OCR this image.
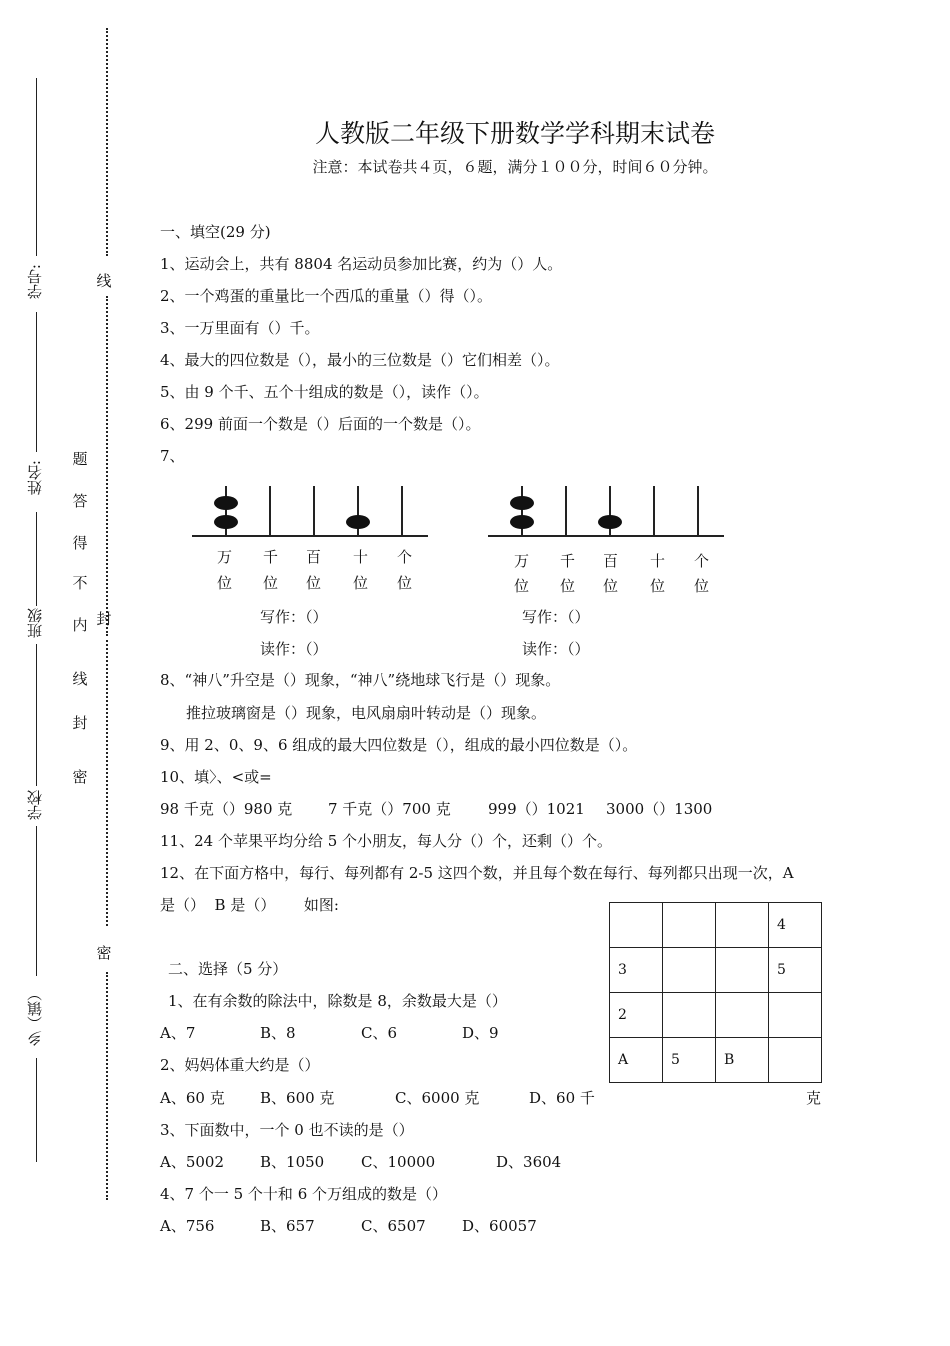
学号:
姓名:
班级
学校
乡（镇）
线
密
题
答
得
不
内 封
线
封
密
人教版二年级下册数学学科期末试卷
注意：本试卷共４页，６题，满分１００分，时间６０分钟。
一、填空(29 分)
1、运动会上，共有 8804 名运动员参加比赛，约为（）人。
2、一个鸡蛋的重量比一个西瓜的重量（）得（）。
3、一万里面有（）千。
4、最大的四位数是（），最小的三位数是（）它们相差（）。
5、由 9 个千、五个十组成的数是（），读作（）。
6、299 前面一个数是（）后面的一个数是（）。
7、
万 千 百 十 个
位 位 位 位 位
写作：（）
读作：（）
万 千 百 十 个
位 位 位 位 位
写作：（）
读作：（）
8、“神八”升空是（）现象，“神八”绕地球飞行是（）现象。
推拉玻璃窗是（）现象，电风扇扇叶转动是（）现象。
9、用 2、0、9、6 组成的最大四位数是（），组成的最小四位数是（）。
10、填〉、<或=
98 千克（）980 克 7 千克（）700 克 999（）1021 3000（）1300
11、24 个苹果平均分给 5 个小朋友，每人分（）个，还剩（）个。
12、在下面方格中，每行、每列都有 2-5 这四个数，并且每个数在每行、每列都只出现一次，A
是（）  B 是（）      如图:
			4
3			5
2			
A	5	B	
二、选择（5 分）
1、在有余数的除法中，除数是 8，余数最大是（）
A、7	B、8	C、6	D、9
2、妈妈体重大约是（）
A、60 克 B、600 克	C、6000 克	D、60 千	克
3、下面数中，一个 0 也不读的是（）
A、5002 B、1050 C、10000	D、3604
4、7 个一 5 个十和 6 个万组成的数是（）
A、756	B、657	C、6507 D、60057
